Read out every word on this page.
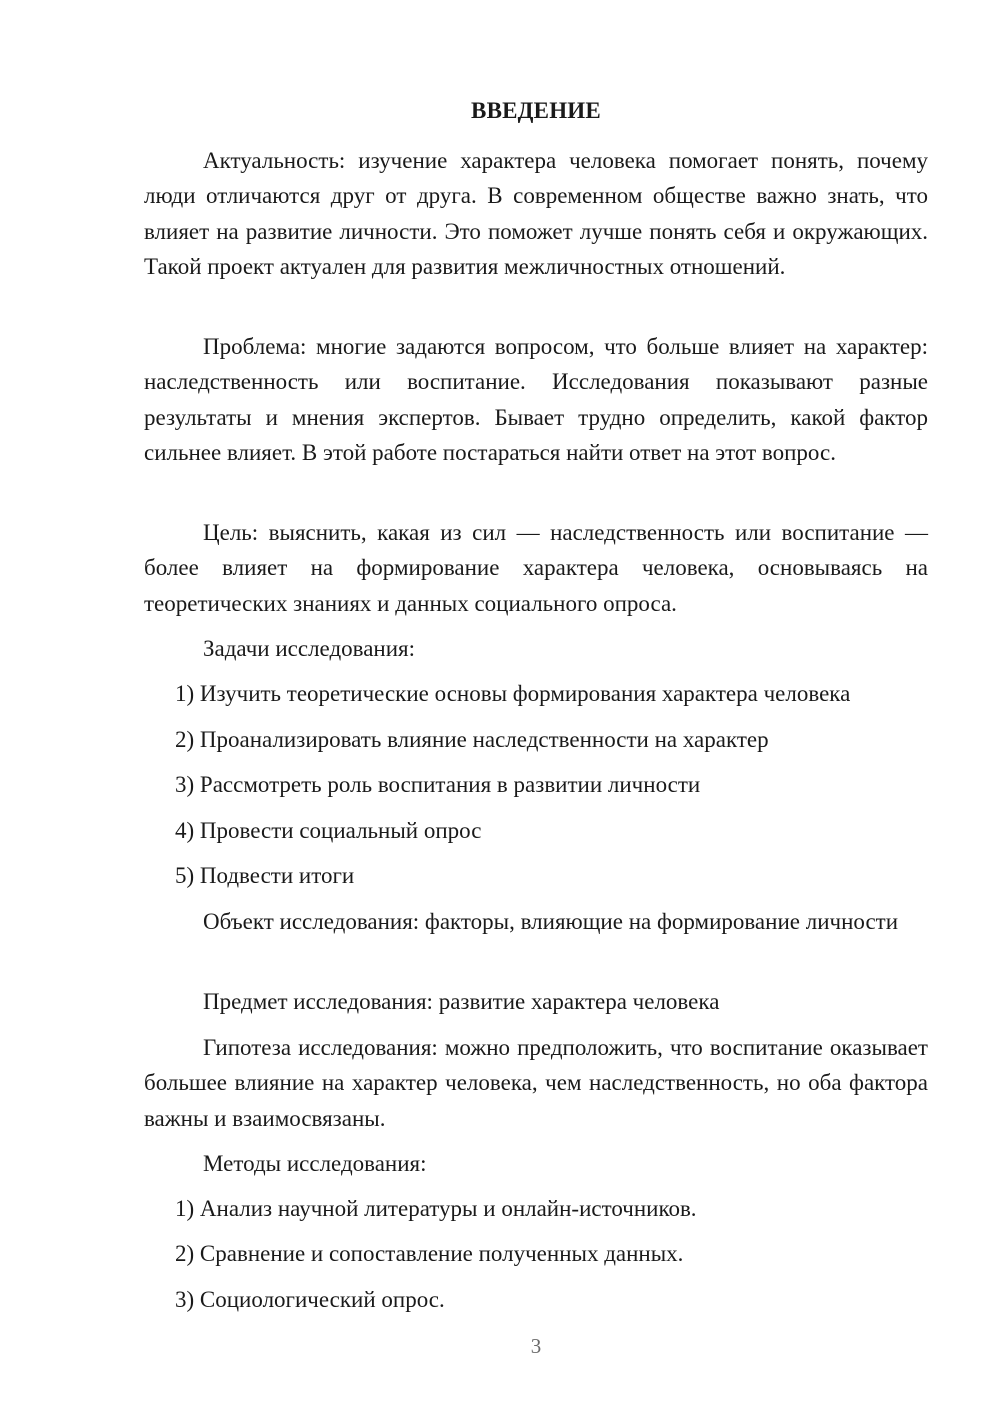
ВВЕДЕНИЕ

Актуальность: изучение характера человека помогает понять, почему люди отличаются друг от друга. В современном обществе важно знать, что влияет на развитие личности. Это поможет лучше понять себя и окружающих. Такой проект актуален для развития межличностных отношений.

Проблема: многие задаются вопросом, что больше влияет на характер: наследственность или воспитание. Исследования показывают разные результаты и мнения экспертов. Бывает трудно определить, какой фактор сильнее влияет. В этой работе постараться найти ответ на этот вопрос.

Цель: выяснить, какая из сил — наследственность или воспитание — более влияет на формирование характера человека, основываясь на теоретических знаниях и данных социального опроса.

Задачи исследования:

1) Изучить теоретические основы формирования характера человека
2) Проанализировать влияние наследственности на характер
3) Рассмотреть роль воспитания в развитии личности
4) Провести социальный опрос
5) Подвести итоги

Объект исследования: факторы, влияющие на формирование личности

Предмет исследования: развитие характера человека

Гипотеза исследования: можно предположить, что воспитание оказывает большее влияние на характер человека, чем наследственность, но оба фактора важны и взаимосвязаны.

Методы исследования:

1) Анализ научной литературы и онлайн-источников.
2) Сравнение и сопоставление полученных данных.
3) Социологический опрос.
3
